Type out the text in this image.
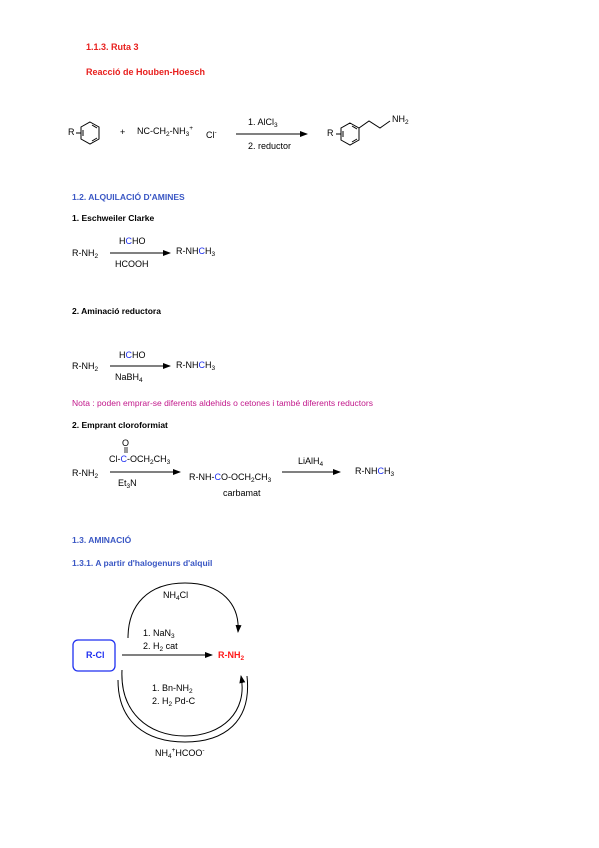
1.1.3. Ruta 3
Reacció de Houben-Hoesch
R	+ $NC-CH_2-NH_3^+$
Cl-
1. AlCl$_3$
2. reductor
R
$NH_2$
1.2. ALQUILACIÓ D'AMINES
1. Eschweiler Clarke
$R-NH_2$
HCHO
HCOOH
$R-NHCH_3$
2. Aminació reductora
$R-NH_2$
HCHO
NaBH$_4$
$R-NHCH_3$
Nota : poden emprar-se diferents aldehids o cetones i també diferents reductors
2. Emprant cloroformiat
$R-NH_2$
O
$Cl-C-OCH_2CH_3$
$Et_3N$
$R-NH-CO-OCH_2CH_3$
carbamat
LiAlH$_4$
$R-NHCH_3$
1.3. AMINACIÓ
1.3.1. A partir d'halogenurs d'alquil
R-Cl
$NH_4Cl$
1. NaN$_3$
2. $H_2$ cat
$R-NH_2$
1. $Bn-NH_2$
2. $H_2$ Pd-C
$NH_4^+HCOO^-$
